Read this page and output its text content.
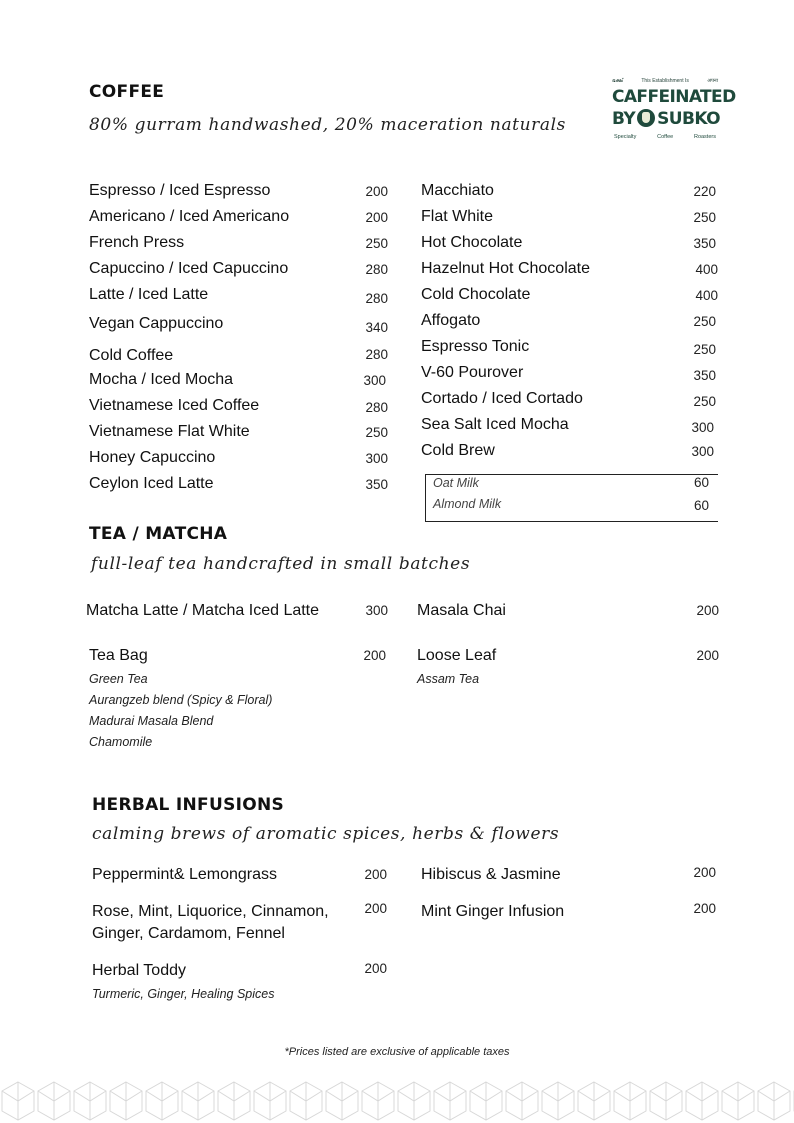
COFFEE
80% gurram handwashed, 20% maceration naturals
ഭക്ഷ്	This Establishment Is	अपना
CAFFEINATED
BY SUBKO
Specialty	Coffee	Roasters
Espresso / Iced Espresso	200
Americano / Iced Americano	200
French Press	250
Capuccino / Iced Capuccino	280
Latte / Iced Latte	280
Vegan Cappuccino	340
Cold Coffee	280
Mocha / Iced Mocha	300
Vietnamese Iced Coffee	280
Vietnamese Flat White	250
Honey Capuccino	300
Ceylon Iced Latte	350
Macchiato	220
Flat White	250
Hot Chocolate	350
Hazelnut Hot Chocolate	400
Cold Chocolate	400
Affogato	250
Espresso Tonic	250
V-60 Pourover	350
Cortado / Iced Cortado	250
Sea Salt Iced Mocha	300
Cold Brew	300
Oat Milk	60
Almond Milk	60
TEA / MATCHA
full-leaf tea handcrafted in small batches
Matcha Latte / Matcha Iced Latte	300 Masala Chai	200
Tea Bag	200
Green Tea
Aurangzeb blend (Spicy & Floral)
Madurai Masala Blend
Chamomile
Loose Leaf	200
Assam Tea
HERBAL INFUSIONS
calming brews of aromatic spices, herbs & flowers
Peppermint& Lemongrass	200 Hibiscus & Jasmine	200
Rose, Mint, Liquorice, Cinnamon,
Ginger, Cardamom, Fennel
200 Mint Ginger Infusion	200
Herbal Toddy	200
Turmeric, Ginger, Healing Spices
*Prices listed are exclusive of applicable taxes
